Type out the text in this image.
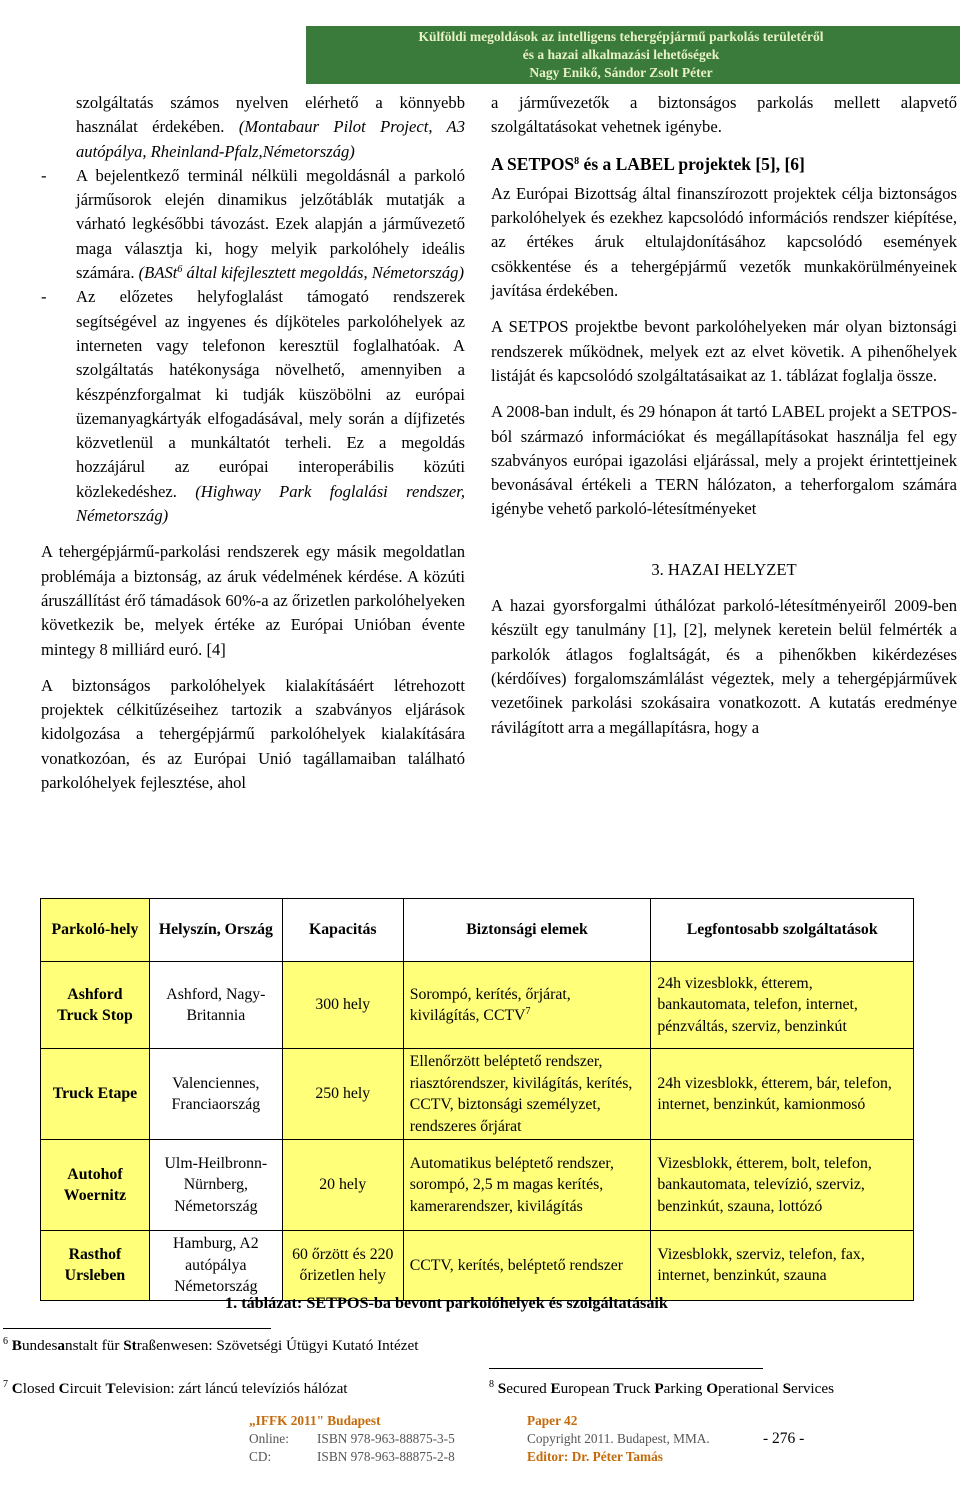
Külföldi megoldások az intelligens tehergépjármű parkolás területéről
és a hazai alkalmazási lehetőségek
Nagy Enikő, Sándor Zsolt Péter

szolgáltatás számos nyelven elérhető a könnyebb használat érdekében. (Montabaur Pilot Project, A3 autópálya, Rheinland-Pfalz,Németország)

- A bejelentkező terminál nélküli megoldásnál a parkoló járműsorok elején dinamikus jelzőtáblák mutatják a várható legkésőbbi távozást. Ezek alapján a járművezető maga választja ki, hogy melyik parkolóhely ideális számára. (BASt$^6$ által kifejlesztett megoldás, Németország)

- Az előzetes helyfoglalást támogató rendszerek segítségével az ingyenes és díjköteles parkolóhelyek az interneten vagy telefonon keresztül foglalhatóak. A szolgáltatás hatékonysága növelhető, amennyiben a készpénzforgalmat ki tudják küszöbölni az európai üzemanyagkártyák elfogadásával, mely során a díjfizetés közvetlenül a munkáltatót terheli. Ez a megoldás hozzájárul az európai interoperábilis közúti közlekedéshez. (Highway Park foglalási rendszer, Németország)

A tehergépjármű-parkolási rendszerek egy másik megoldatlan problémája a biztonság, az áruk védelmének kérdése. A közúti áruszállítást érő támadások 60%-a az őrizetlen parkolóhelyeken következik be, melyek értéke az Európai Unióban évente mintegy 8 milliárd euró. [4]

A biztonságos parkolóhelyek kialakításáért létrehozott projektek célkitűzéseihez tartozik a szabványos eljárások kidolgozása a tehergépjármű parkolóhelyek kialakítására vonatkozóan, és az Európai Unió tagállamaiban található parkolóhelyek fejlesztése, ahol

a járművezetők a biztonságos parkolás mellett alapvető szolgáltatásokat vehetnek igénybe.

A SETPOS$^8$ és a LABEL projektek [5], [6]

Az Európai Bizottság által finanszírozott projektek célja biztonságos parkolóhelyek és ezekhez kapcsolódó információs rendszer kiépítése, az értékes áruk eltulajdonításához kapcsolódó események csökkentése és a tehergépjármű vezetők munkakörülményeinek javítása érdekében.

A SETPOS projektbe bevont parkolóhelyeken már olyan biztonsági rendszerek működnek, melyek ezt az elvet követik. A pihenőhelyek listáját és kapcsolódó szolgáltatásaikat az 1. táblázat foglalja össze.

A 2008-ban indult, és 29 hónapon át tartó LABEL projekt a SETPOS-ból származó információkat és megállapításokat használja fel egy szabványos európai igazolási eljárással, mely a projekt érintettjeinek bevonásával értékeli a TERN hálózaton, a teherforgalom számára igénybe vehető parkoló-létesítményeket

3. HAZAI HELYZET

A hazai gyorsforgalmi úthálózat parkoló-létesítményeiről 2009-ben készült egy tanulmány [1], [2], melynek keretein belül felmérték a parkolók átlagos foglaltságát, és a pihenőkben kikérdezéses (kérdőíves) forgalomszámlálást végeztek, mely a tehergépjárművek vezetőinek parkolási szokásaira vonatkozott. A kutatás eredménye rávilágított arra a megállapításra, hogy a

Parkoló-hely	Helyszín, Ország	Kapacitás	Biztonsági elemek	Legfontosabb szolgáltatások
Ashford Truck Stop	Ashford, Nagy-Britannia	300 hely	Sorompó, kerítés, őrjárat, kivilágítás, CCTV$^7$	24h vizesblokk, étterem, bankautomata, telefon, internet, pénzváltás, szerviz, benzinkút
Truck Etape	Valenciennes, Franciaország	250 hely	Ellenőrzött beléptető rendszer, riasztórendszer, kivilágítás, kerítés, CCTV, biztonsági személyzet, rendszeres őrjárat	24h vizesblokk, étterem, bár, telefon, internet, benzinkút, kamionmosó
Autohof Woernitz	Ulm-Heilbronn-Nürnberg, Németország	20 hely	Automatikus beléptető rendszer, sorompó, 2,5 m magas kerítés, kamerarendszer, kivilágítás	Vizesblokk, étterem, bolt, telefon, bankautomata, televízió, szerviz, benzinkút, szauna, lottózó
Rasthof Ursleben	Hamburg, A2 autópálya Németország	60 őrzött és 220 őrizetlen hely	CCTV, kerítés, beléptető rendszer	Vizesblokk, szerviz, telefon, fax, internet, benzinkút, szauna
1. táblázat: SETPOS-ba bevont parkolóhelyek és szolgáltatásaik
$^6$ Bundesanstalt für Straßenwesen: Szövetségi Útügyi Kutató Intézet
$^7$ Closed Circuit Television: zárt láncú televíziós hálózat	$^8$ Secured European Truck Parking Operational Services
„IFFK 2011" Budapest
Online: ISBN 978-963-88875-3-5
CD:	ISBN 978-963-88875-2-8
Paper 42
Copyright 2011. Budapest, MMA.
Editor: Dr. Péter Tamás
- 276 -
